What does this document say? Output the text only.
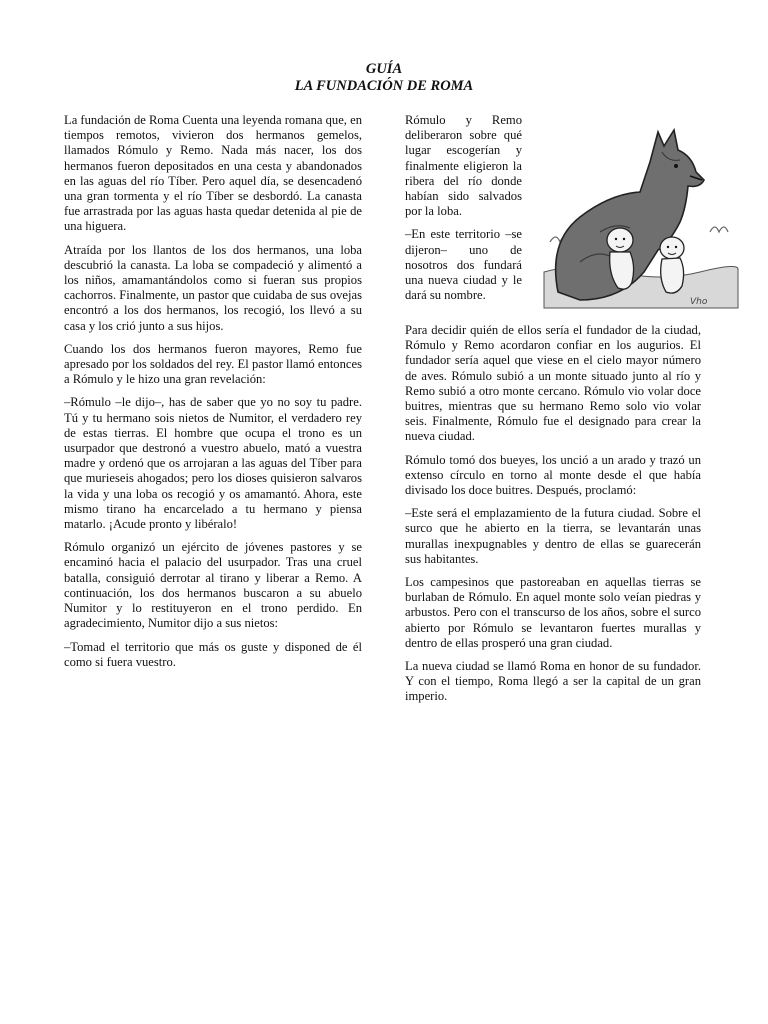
GUÍA
LA FUNDACIÓN DE ROMA

La fundación de Roma Cuenta una leyenda romana que, en tiempos remotos, vivieron dos hermanos gemelos, llamados Rómulo y Remo. Nada más nacer, los dos hermanos fueron depositados en una cesta y abandonados en las aguas del río Tíber. Pero aquel día, se desencadenó una gran tormenta y el río Tíber se desbordó. La canasta fue arrastrada por las aguas hasta quedar detenida al pie de una higuera.

Atraída por los llantos de los dos hermanos, una loba descubrió la canasta. La loba se compadeció y alimentó a los niños, amamantándolos como si fueran sus propios cachorros. Finalmente, un pastor que cuidaba de sus ovejas encontró a los dos hermanos, los recogió, los llevó a su casa y los crió junto a sus hijos.

Cuando los dos hermanos fueron mayores, Remo fue apresado por los soldados del rey. El pastor llamó entonces a Rómulo y le hizo una gran revelación:

–Rómulo –le dijo–, has de saber que yo no soy tu padre. Tú y tu hermano sois nietos de Numitor, el verdadero rey de estas tierras. El hombre que ocupa el trono es un usurpador que destronó a vuestro abuelo, mató a vuestra madre y ordenó que os arrojaran a las aguas del Tíber para que murieseis ahogados; pero los dioses quisieron salvaros la vida y una loba os recogió y os amamantó. Ahora, este mismo tirano ha encarcelado a tu hermano y piensa matarlo. ¡Acude pronto y libéralo!

Rómulo organizó un ejército de jóvenes pastores y se encaminó hacia el palacio del usurpador. Tras una cruel batalla, consiguió derrotar al tirano y liberar a Remo. A continuación, los dos hermanos buscaron a su abuelo Numitor y lo restituyeron en el trono perdido. En agradecimiento, Numitor dijo a sus nietos:

–Tomad el territorio que más os guste y disponed de él como si fuera vuestro.

Rómulo y Remo deliberaron sobre qué lugar escogerían y finalmente eligieron la ribera del río donde habían sido salvados por la loba.

–En este territorio –se dijeron– uno de nosotros dos fundará una nueva ciudad y le dará su nombre.	Vho

Para decidir quién de ellos sería el fundador de la ciudad, Rómulo y Remo acordaron confiar en los augurios. El fundador sería aquel que viese en el cielo mayor número de aves. Rómulo subió a un monte situado junto al río y Remo subió a otro monte cercano. Rómulo vio volar doce buitres, mientras que su hermano Remo solo vio volar seis. Finalmente, Rómulo fue el designado para crear la nueva ciudad.

Rómulo tomó dos bueyes, los unció a un arado y trazó un extenso círculo en torno al monte desde el que había divisado los doce buitres. Después, proclamó:

–Este será el emplazamiento de la futura ciudad. Sobre el surco que he abierto en la tierra, se levantarán unas murallas inexpugnables y dentro de ellas se guarecerán sus habitantes.

Los campesinos que pastoreaban en aquellas tierras se burlaban de Rómulo. En aquel monte solo veían piedras y arbustos. Pero con el transcurso de los años, sobre el surco abierto por Rómulo se levantaron fuertes murallas y dentro de ellas prosperó una gran ciudad.

La nueva ciudad se llamó Roma en honor de su fundador. Y con el tiempo, Roma llegó a ser la capital de un gran imperio.
